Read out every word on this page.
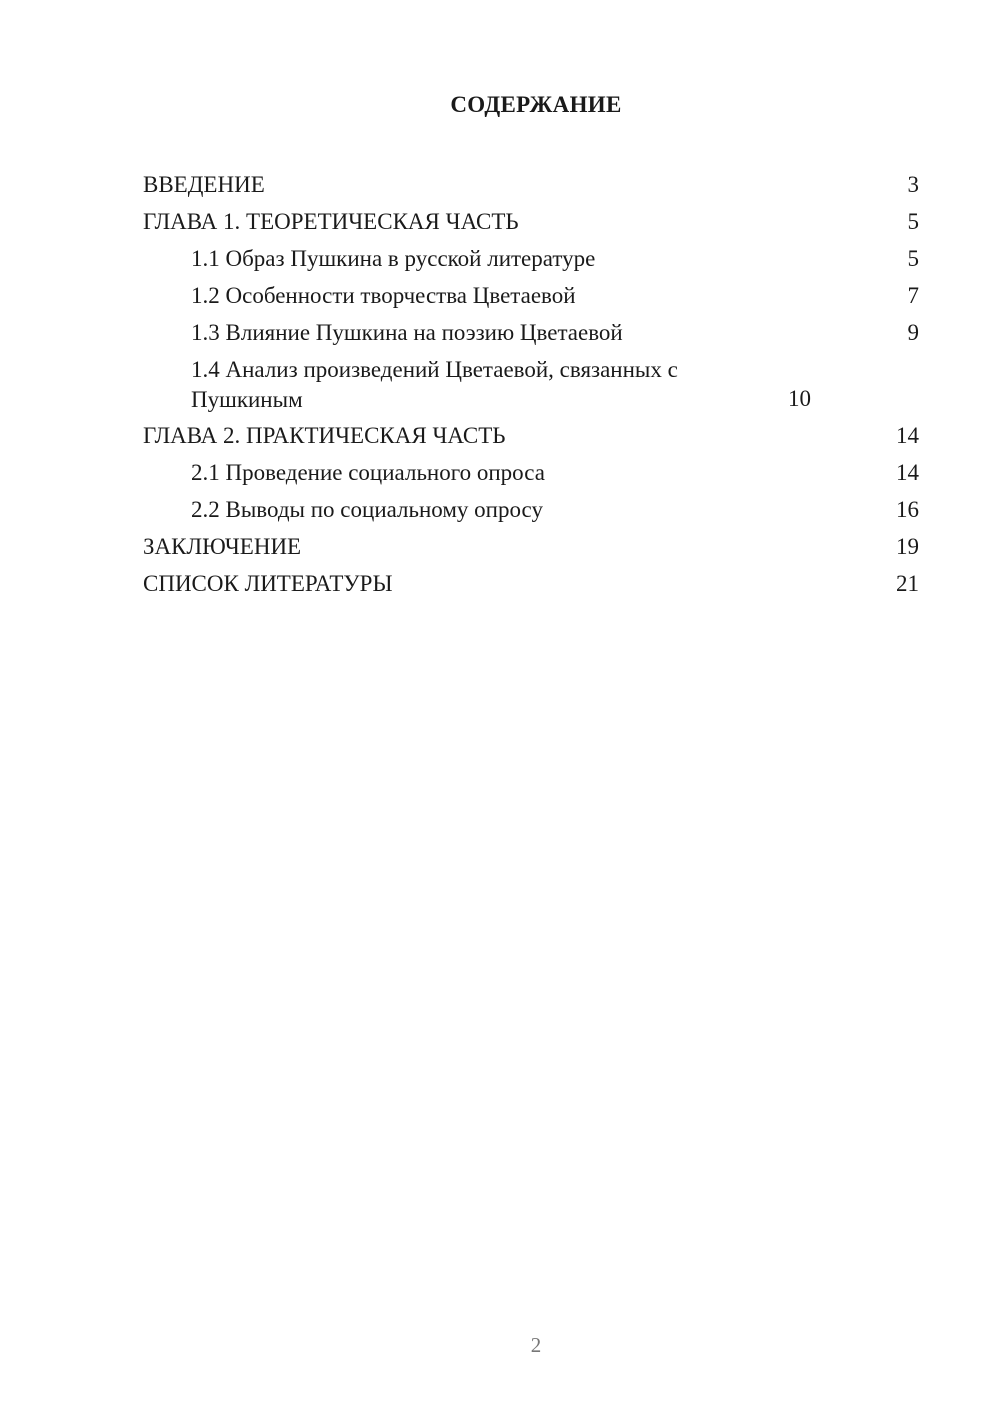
СОДЕРЖАНИЕ
ВВЕДЕНИЕ	3
ГЛАВА 1. ТЕОРЕТИЧЕСКАЯ ЧАСТЬ	5
1.1 Образ Пушкина в русской литературе	5
1.2 Особенности творчества Цветаевой	7
1.3 Влияние Пушкина на поэзию Цветаевой	9
1.4 Анализ произведений Цветаевой, связанных с Пушкиным	10
ГЛАВА 2. ПРАКТИЧЕСКАЯ ЧАСТЬ	14
2.1 Проведение социального опроса	14
2.2 Выводы по социальному опросу	16
ЗАКЛЮЧЕНИЕ	19
СПИСОК ЛИТЕРАТУРЫ	21
2
